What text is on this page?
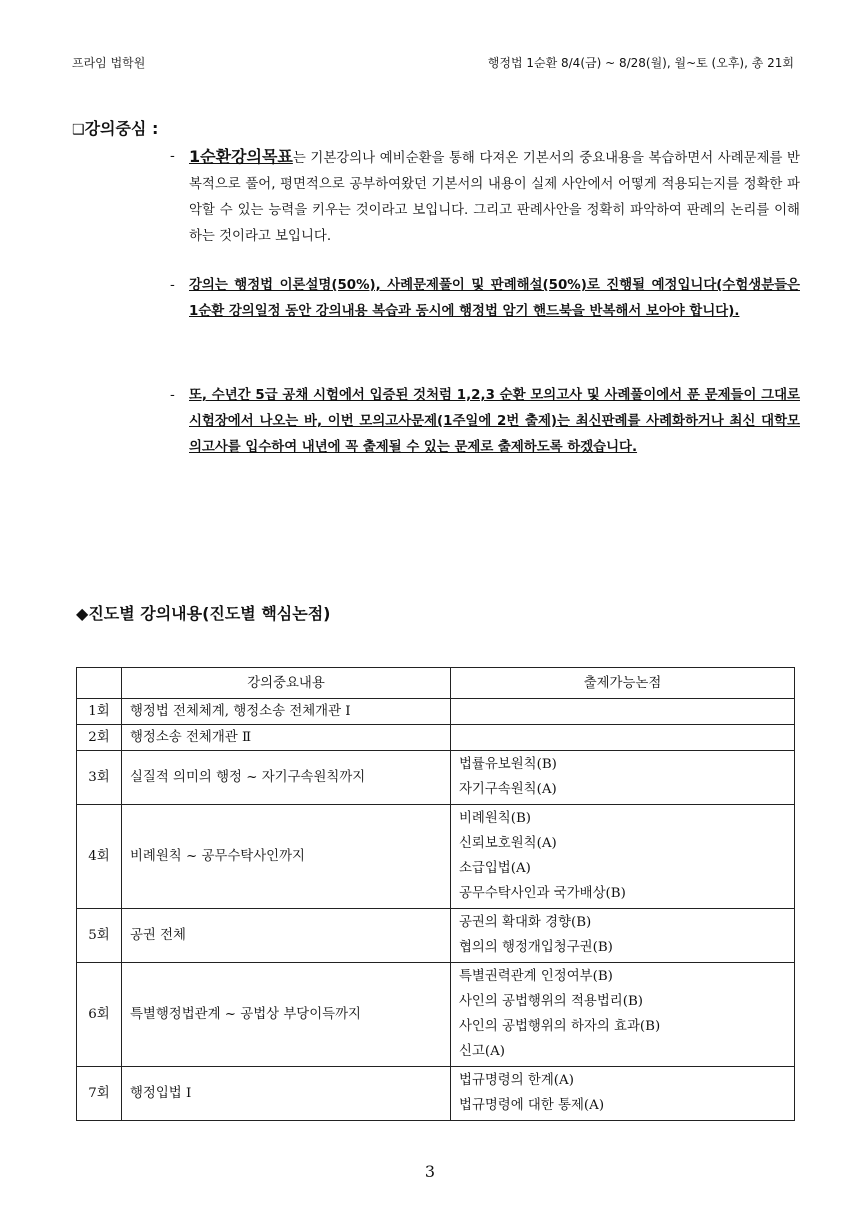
프라임 법학원	행정법 1순환 8/4(금) ~ 8/28(월), 월~토 (오후), 총 21회
❑강의중심 :
- 1순환강의목표는 기본강의나 예비순환을 통해 다져온 기본서의 중요내용을 복습하면서 사례문제를 반복적으로 풀어, 평면적으로 공부하여왔던 기본서의 내용이 실제 사안에서 어떻게 적용되는지를 정확한 파악할 수 있는 능력을 키우는 것이라고 보입니다. 그리고 판례사안을 정확히 파악하여 판례의 논리를 이해하는 것이라고 보입니다.
- 강의는 행정법 이론설명(50%), 사례문제풀이 및 판례해설(50%)로 진행될 예정입니다(수험생분들은 1순환 강의일정 동안 강의내용 복습과 동시에 행정법 암기 핸드북을 반복해서 보아야 합니다).
- 또, 수년간 5급 공채 시험에서 입증된 것처럼 1,2,3 순환 모의고사 및 사례풀이에서 푼 문제들이 그대로 시험장에서 나오는 바, 이번 모의고사문제(1주일에 2번 출제)는 최신판례를 사례화하거나 최신 대학모의고사를 입수하여 내년에 꼭 출제될 수 있는 문제로 출제하도록 하겠습니다.
◆진도별 강의내용(진도별 핵심논점)
	강의중요내용	출제가능논점
1회	행정법 전체체계, 행정소송 전체개관 Ⅰ	
2회	행정소송 전체개관 Ⅱ	
3회	실질적 의미의 행정 ~ 자기구속원칙까지	법률유보원칙(B)
자기구속원칙(A)

4회	비례원칙 ~ 공무수탁사인까지	비례원칙(B)
신뢰보호원칙(A)
소급입법(A)
공무수탁사인과 국가배상(B)

5회	공권 전체	공권의 확대화 경향(B)
협의의 행정개입청구권(B)

6회	특별행정법관계 ~ 공법상 부당이득까지	특별권력관계 인정여부(B)
사인의 공법행위의 적용법리(B)
사인의 공법행위의 하자의 효과(B)
신고(A)

7회	행정입법 Ⅰ	법규명령의 한계(A)
법규명령에 대한 통제(A)
3
